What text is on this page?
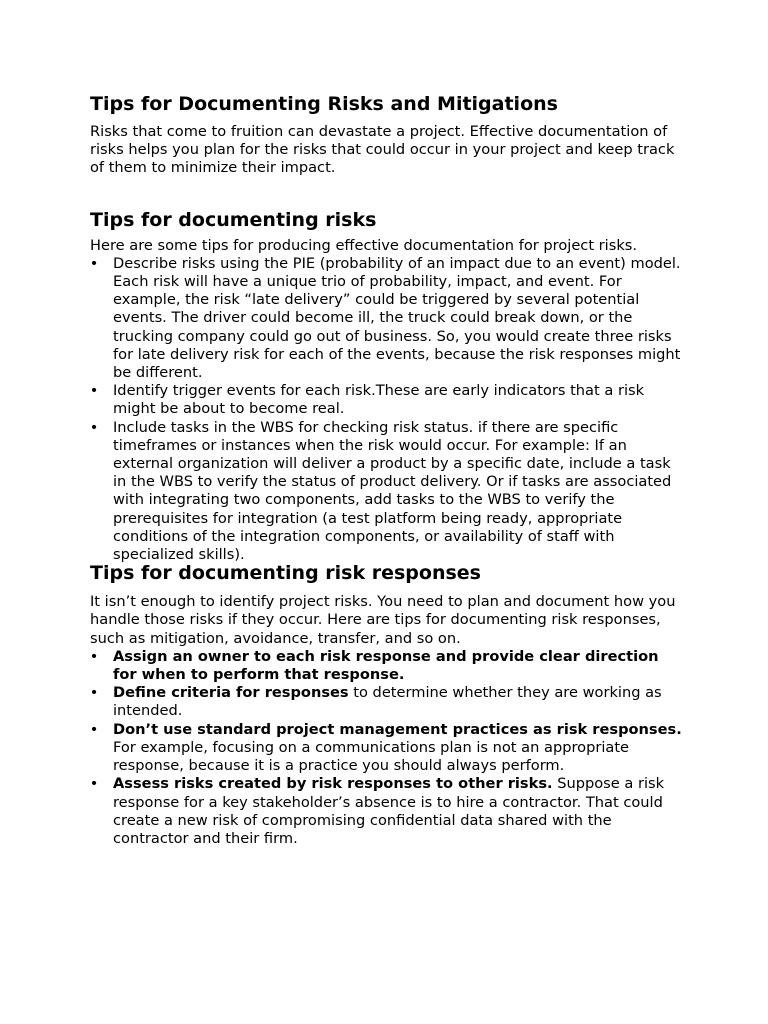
Tips for Documenting Risks and Mitigations

Risks that come to fruition can devastate a project. Effective documentation of risks helps you plan for the risks that could occur in your project and keep track of them to minimize their impact.

Tips for documenting risks

Here are some tips for producing effective documentation for project risks.

• Describe risks using the PIE (probability of an impact due to an event) model. Each risk will have a unique trio of probability, impact, and event. For example, the risk “late delivery” could be triggered by several potential events. The driver could become ill, the truck could break down, or the trucking company could go out of business. So, you would create three risks for late delivery risk for each of the events, because the risk responses might be different.
• Identify trigger events for each risk.These are early indicators that a risk might be about to become real.
• Include tasks in the WBS for checking risk status. if there are specific timeframes or instances when the risk would occur. For example: If an external organization will deliver a product by a specific date, include a task in the WBS to verify the status of product delivery. Or if tasks are associated with integrating two components, add tasks to the WBS to verify the prerequisites for integration (a test platform being ready, appropriate conditions of the integration components, or availability of staff with specialized skills).
Tips for documenting risk responses

It isn’t enough to identify project risks. You need to plan and document how you handle those risks if they occur. Here are tips for documenting risk responses, such as mitigation, avoidance, transfer, and so on.

• Assign an owner to each risk response and provide clear direction for when to perform that response.
• Define criteria for responses to determine whether they are working as intended.
• Don’t use standard project management practices as risk responses. For example, focusing on a communications plan is not an appropriate response, because it is a practice you should always perform.
• Assess risks created by risk responses to other risks. Suppose a risk response for a key stakeholder’s absence is to hire a contractor. That could create a new risk of compromising confidential data shared with the contractor and their firm.
